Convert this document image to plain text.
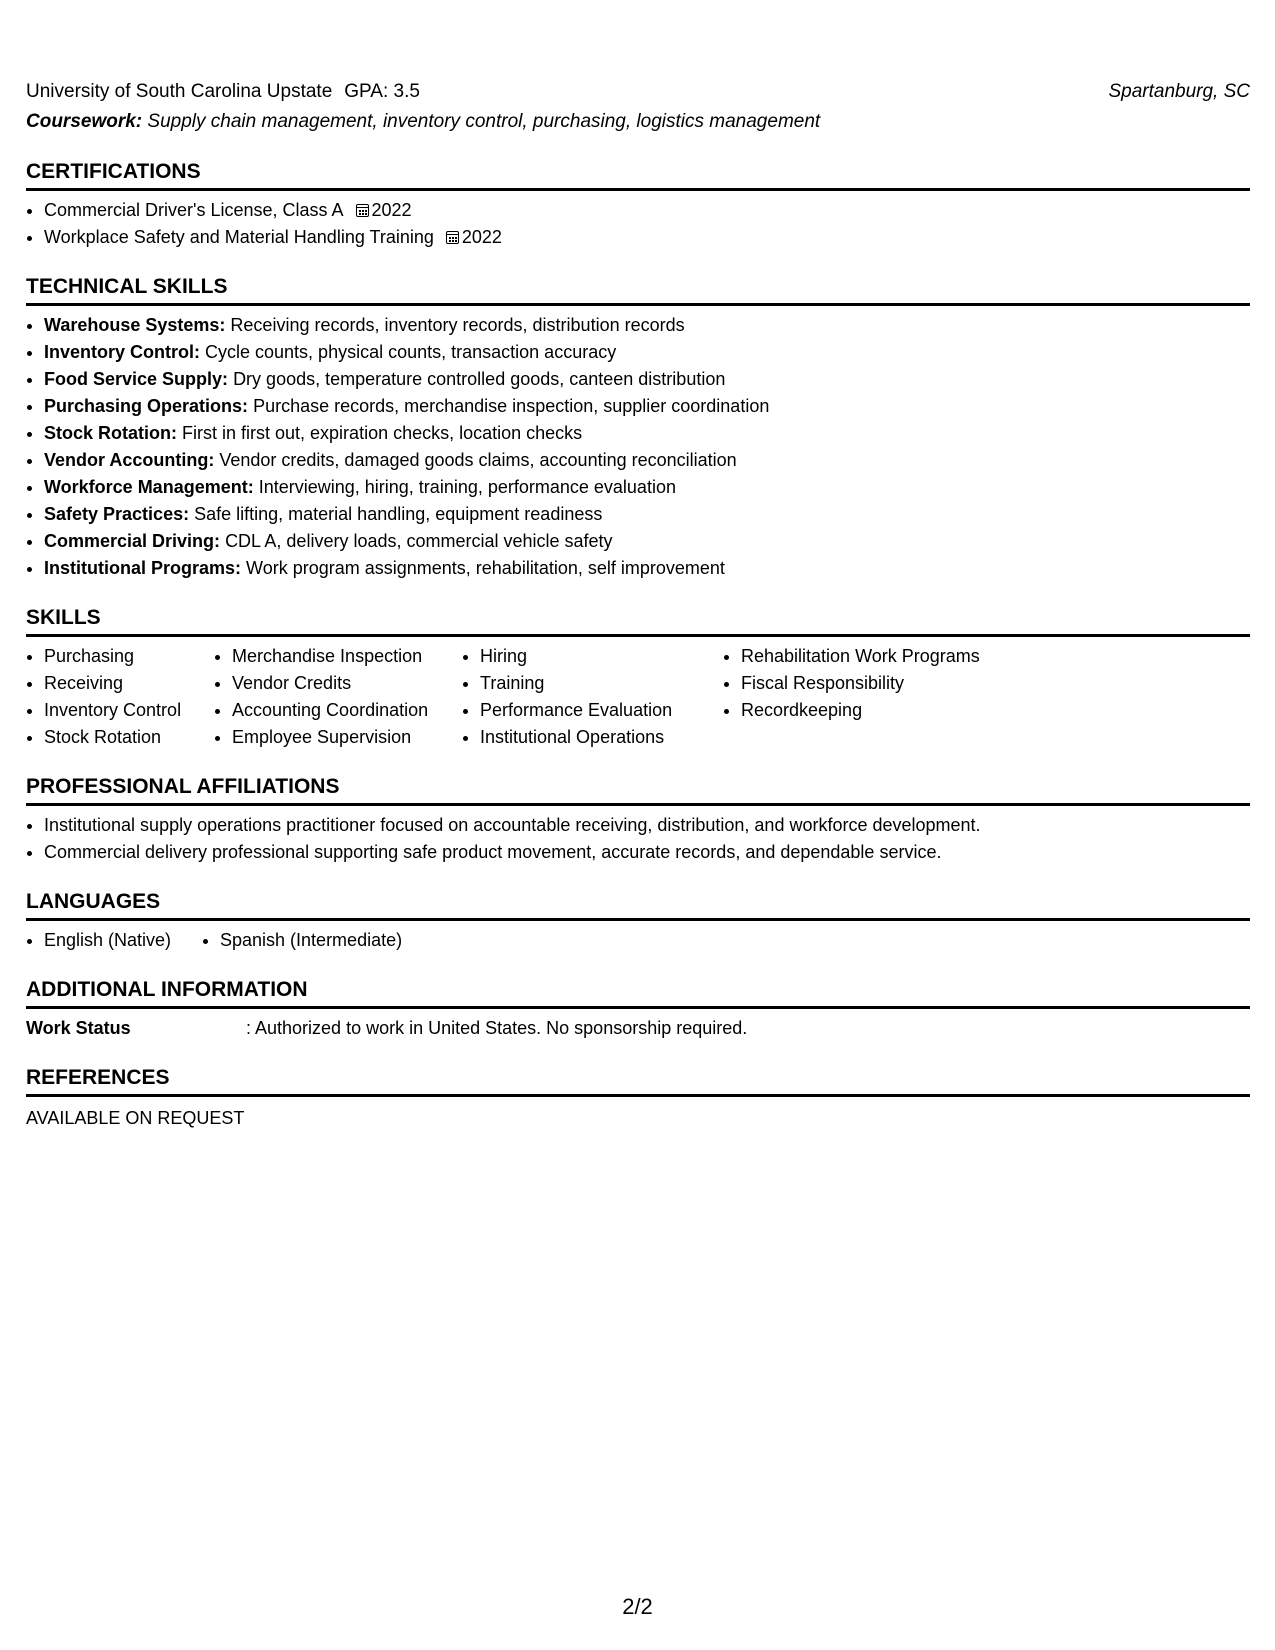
University of South Carolina Upstate GPA: 3.5	Spartanburg, SC
Coursework: Supply chain management, inventory control, purchasing, logistics management
CERTIFICATIONS
• Commercial Driver's License, Class A 2022
• Workplace Safety and Material Handling Training 2022
TECHNICAL SKILLS
• Warehouse Systems: Receiving records, inventory records, distribution records
• Inventory Control: Cycle counts, physical counts, transaction accuracy
• Food Service Supply: Dry goods, temperature controlled goods, canteen distribution
• Purchasing Operations: Purchase records, merchandise inspection, supplier coordination
• Stock Rotation: First in first out, expiration checks, location checks
• Vendor Accounting: Vendor credits, damaged goods claims, accounting reconciliation
• Workforce Management: Interviewing, hiring, training, performance evaluation
• Safety Practices: Safe lifting, material handling, equipment readiness
• Commercial Driving: CDL A, delivery loads, commercial vehicle safety
• Institutional Programs: Work program assignments, rehabilitation, self improvement
SKILLS
• Purchasing
• Receiving
• Inventory Control
• Stock Rotation
• Merchandise Inspection
• Vendor Credits
• Accounting Coordination
• Employee Supervision
• Hiring
• Training
• Performance Evaluation
• Institutional Operations
• Rehabilitation Work Programs
• Fiscal Responsibility
• Recordkeeping
PROFESSIONAL AFFILIATIONS
• Institutional supply operations practitioner focused on accountable receiving, distribution, and workforce development.
• Commercial delivery professional supporting safe product movement, accurate records, and dependable service.
LANGUAGES
• English (Native)
•	Spanish (Intermediate)
ADDITIONAL INFORMATION
Work Status	: Authorized to work in United States. No sponsorship required.
REFERENCES
AVAILABLE ON REQUEST
2/2
